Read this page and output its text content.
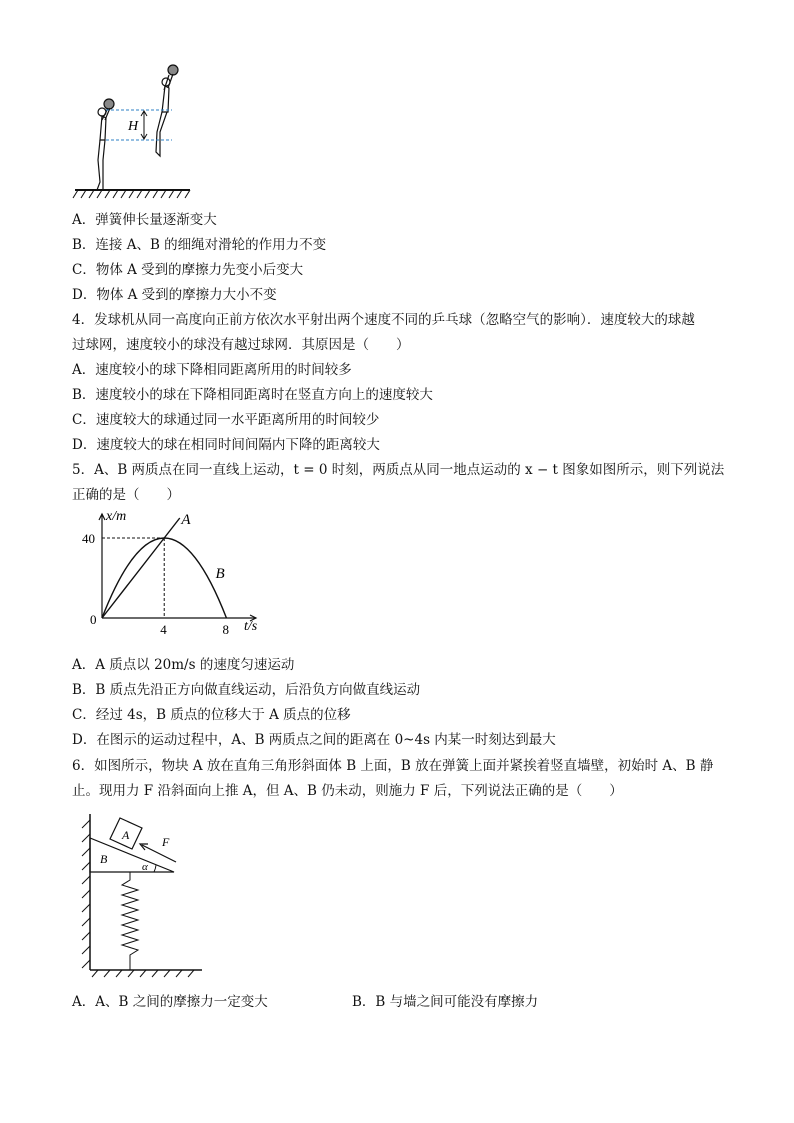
H
A．弹簧伸长量逐渐变大
B．连接 A、B 的细绳对滑轮的作用力不变
C．物体 A 受到的摩擦力先变小后变大
D．物体 A 受到的摩擦力大小不变
4．发球机从同一高度向正前方依次水平射出两个速度不同的乒乓球（忽略空气的影响）．速度较大的球越
过球网，速度较小的球没有越过球网．其原因是（　　）
A．速度较小的球下降相同距离所用的时间较多
B．速度较小的球在下降相同距离时在竖直方向上的速度较大
C．速度较大的球通过同一水平距离所用的时间较少
D．速度较大的球在相同时间间隔内下降的距离较大
5．A、B 两质点在同一直线上运动，t = 0 时刻，两质点从同一地点运动的 x − t 图象如图所示，则下列说法
正确的是（　　）
A
B
x/m
t/s
0
4	8
40
A．A 质点以 20m/s 的速度匀速运动
B．B 质点先沿正方向做直线运动，后沿负方向做直线运动
C．经过 4s，B 质点的位移大于 A 质点的位移
D．在图示的运动过程中，A、B 两质点之间的距离在 0~4s 内某一时刻达到最大
6．如图所示，物块 A 放在直角三角形斜面体 B 上面，B 放在弹簧上面并紧挨着竖直墙壁，初始时 A、B 静
止。现用力 F 沿斜面向上推 A，但 A、B 仍未动，则施力 F 后，下列说法正确的是（　　）
B
α
A	F
A．A、B 之间的摩擦力一定变大	B．B 与墙之间可能没有摩擦力
